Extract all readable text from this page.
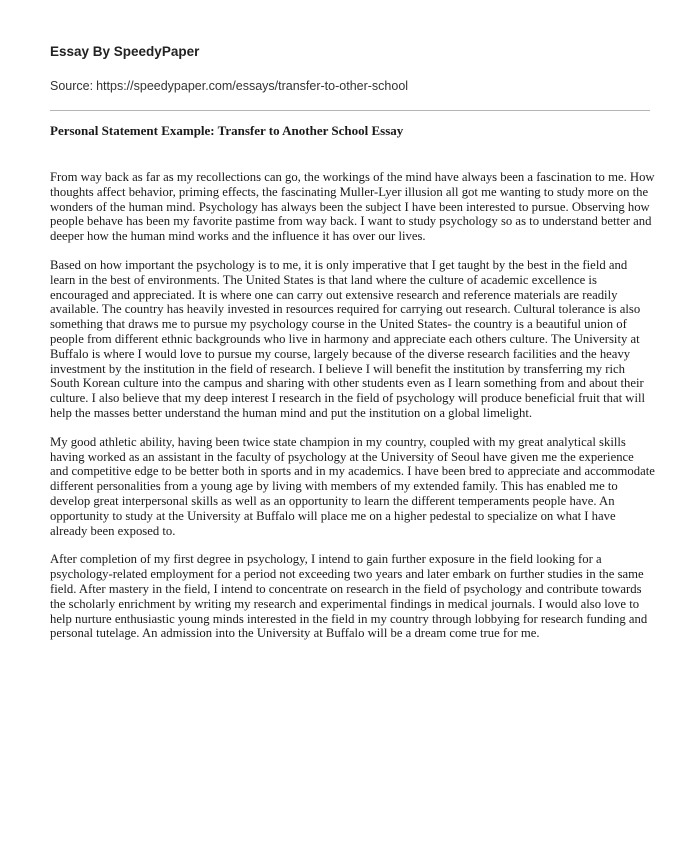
Essay By SpeedyPaper
Source: https://speedypaper.com/essays/transfer-to-other-school
Personal Statement Example: Transfer to Another School Essay

From way back as far as my recollections can go, the workings of the mind have always been a fascination to me. How thoughts affect behavior, priming effects, the fascinating Muller-Lyer illusion all got me wanting to study more on the wonders of the human mind. Psychology has always been the subject I have been interested to pursue. Observing how people behave has been my favorite pastime from way back. I want to study psychology so as to understand better and deeper how the human mind works and the influence it has over our lives.

Based on how important the psychology is to me, it is only imperative that I get taught by the best in the field and learn in the best of environments. The United States is that land where the culture of academic excellence is encouraged and appreciated. It is where one can carry out extensive research and reference materials are readily available. The country has heavily invested in resources required for carrying out research. Cultural tolerance is also something that draws me to pursue my psychology course in the United States- the country is a beautiful union of people from different ethnic backgrounds who live in harmony and appreciate each others culture. The University at Buffalo is where I would love to pursue my course, largely because of the diverse research facilities and the heavy investment by the institution in the field of research. I believe I will benefit the institution by transferring my rich South Korean culture into the campus and sharing with other students even as I learn something from and about their culture. I also believe that my deep interest I research in the field of psychology will produce beneficial fruit that will help the masses better understand the human mind and put the institution on a global limelight.

My good athletic ability, having been twice state champion in my country, coupled with my great analytical skills having worked as an assistant in the faculty of psychology at the University of Seoul have given me the experience and competitive edge to be better both in sports and in my academics. I have been bred to appreciate and accommodate different personalities from a young age by living with members of my extended family. This has enabled me to develop great interpersonal skills as well as an opportunity to learn the different temperaments people have. An opportunity to study at the University at Buffalo will place me on a higher pedestal to specialize on what I have already been exposed to.

After completion of my first degree in psychology, I intend to gain further exposure in the field looking for a psychology-related employment for a period not exceeding two years and later embark on further studies in the same field. After mastery in the field, I intend to concentrate on research in the field of psychology and contribute towards the scholarly enrichment by writing my research and experimental findings in medical journals. I would also love to help nurture enthusiastic young minds interested in the field in my country through lobbying for research funding and personal tutelage. An admission into the University at Buffalo will be a dream come true for me.
